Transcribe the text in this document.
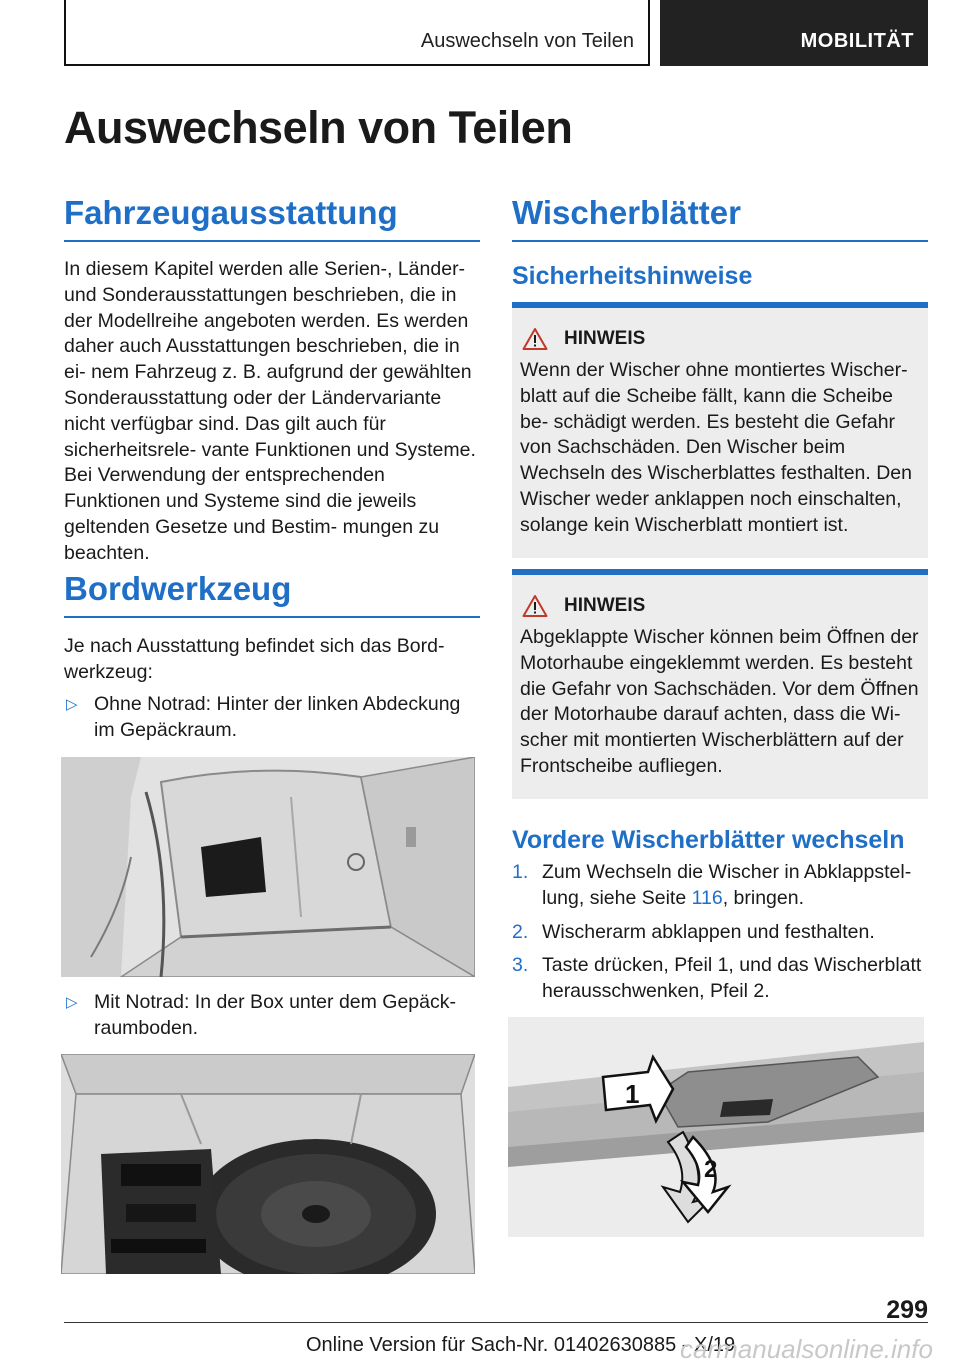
Auswechseln von Teilen	MOBILITÄT
Auswechseln von Teilen
Fahrzeugausstattung

In diesem Kapitel werden alle Serien-, Länder- und Sonderausstattungen beschrieben, die in der Modellreihe angeboten werden. Es werden daher auch Ausstattungen beschrieben, die in ei- nem Fahrzeug z. B. aufgrund der gewählten Sonderausstattung oder der Ländervariante nicht verfügbar sind. Das gilt auch für sicherheitsrele- vante Funktionen und Systeme. Bei Verwendung der entsprechenden Funktionen und Systeme sind die jeweils geltenden Gesetze und Bestim- mungen zu beachten.

Bordwerkzeug

Je nach Ausstattung befindet sich das Bord- werkzeug:

▷ Ohne Notrad: Hinter der linken Abdeckung im Gepäckraum.
▷ Mit Notrad: In der Box unter dem Gepäck- raumboden.
Wischerblätter
Sicherheitshinweise
HINWEIS

Wenn der Wischer ohne montiertes Wischer- blatt auf die Scheibe fällt, kann die Scheibe be- schädigt werden. Es besteht die Gefahr von Sachschäden. Den Wischer beim Wechseln des Wischerblattes festhalten. Den Wischer weder anklappen noch einschalten, solange kein Wischerblatt montiert ist.

HINWEIS

Abgeklappte Wischer können beim Öffnen der Motorhaube eingeklemmt werden. Es besteht die Gefahr von Sachschäden. Vor dem Öffnen der Motorhaube darauf achten, dass die Wi- scher mit montierten Wischerblättern auf der Frontscheibe aufliegen.

Vordere Wischerblätter wechseln
1. Zum Wechseln die Wischer in Abklappstel- lung, siehe Seite 116, bringen.
2. Wischerarm abklappen und festhalten.
3. Taste drücken, Pfeil 1, und das Wischerblatt herausschwenken, Pfeil 2.
1
2
299
Online Version für Sach-Nr. 01402630885 - X/19
carmanualsonline.info
